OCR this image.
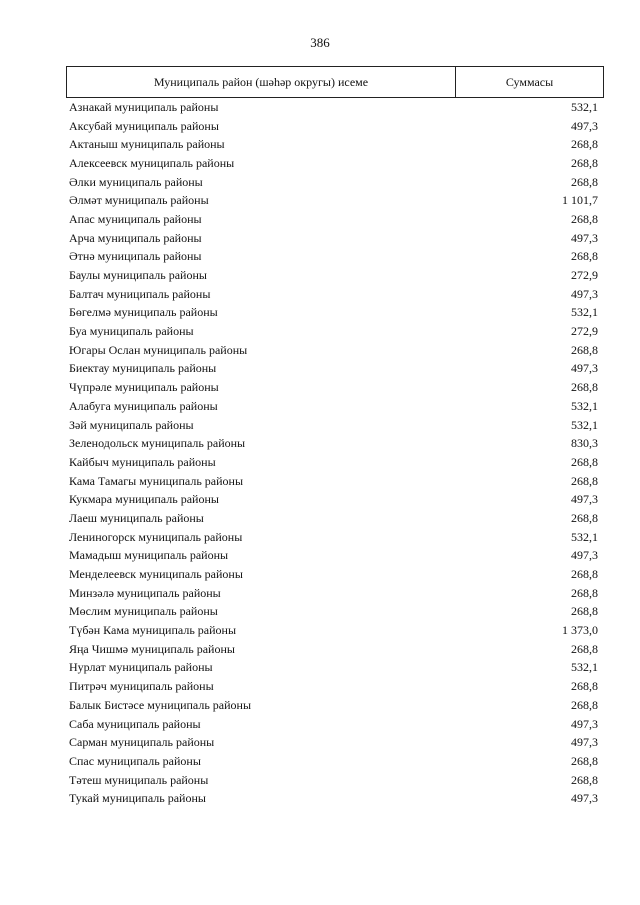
386
Муниципаль район (шәһәр округы) исеме	Суммасы
Азнакай муниципаль районы	532,1
Аксубай муниципаль районы	497,3
Актаныш муниципаль районы	268,8
Алексеевск муниципаль районы	268,8
Әлки муниципаль районы	268,8
Әлмәт муниципаль районы	1 101,7
Апас муниципаль районы	268,8
Арча муниципаль районы	497,3
Әтнә муниципаль районы	268,8
Баулы муниципаль районы	272,9
Балтач муниципаль районы	497,3
Бөгелмә муниципаль районы	532,1
Буа муниципаль районы	272,9
Югары Ослан муниципаль районы	268,8
Биектау муниципаль районы	497,3
Чүпрәле муниципаль районы	268,8
Алабуга муниципаль районы	532,1
Зәй муниципаль районы	532,1
Зеленодольск муниципаль районы	830,3
Кайбыч муниципаль районы	268,8
Кама Тамагы муниципаль районы	268,8
Кукмара муниципаль районы	497,3
Лаеш муниципаль районы	268,8
Лениногорск муниципаль районы	532,1
Мамадыш муниципаль районы	497,3
Менделеевск муниципаль районы	268,8
Минзәлә муниципаль районы	268,8
Мөслим муниципаль районы	268,8
Түбән Кама муниципаль районы	1 373,0
Яңа Чишмә муниципаль районы	268,8
Нурлат муниципаль районы	532,1
Питрәч муниципаль районы	268,8
Балык Бистәсе муниципаль районы	268,8
Саба муниципаль районы	497,3
Сарман муниципаль районы	497,3
Спас муниципаль районы	268,8
Тәтеш муниципаль районы	268,8
Тукай муниципаль районы	497,3
